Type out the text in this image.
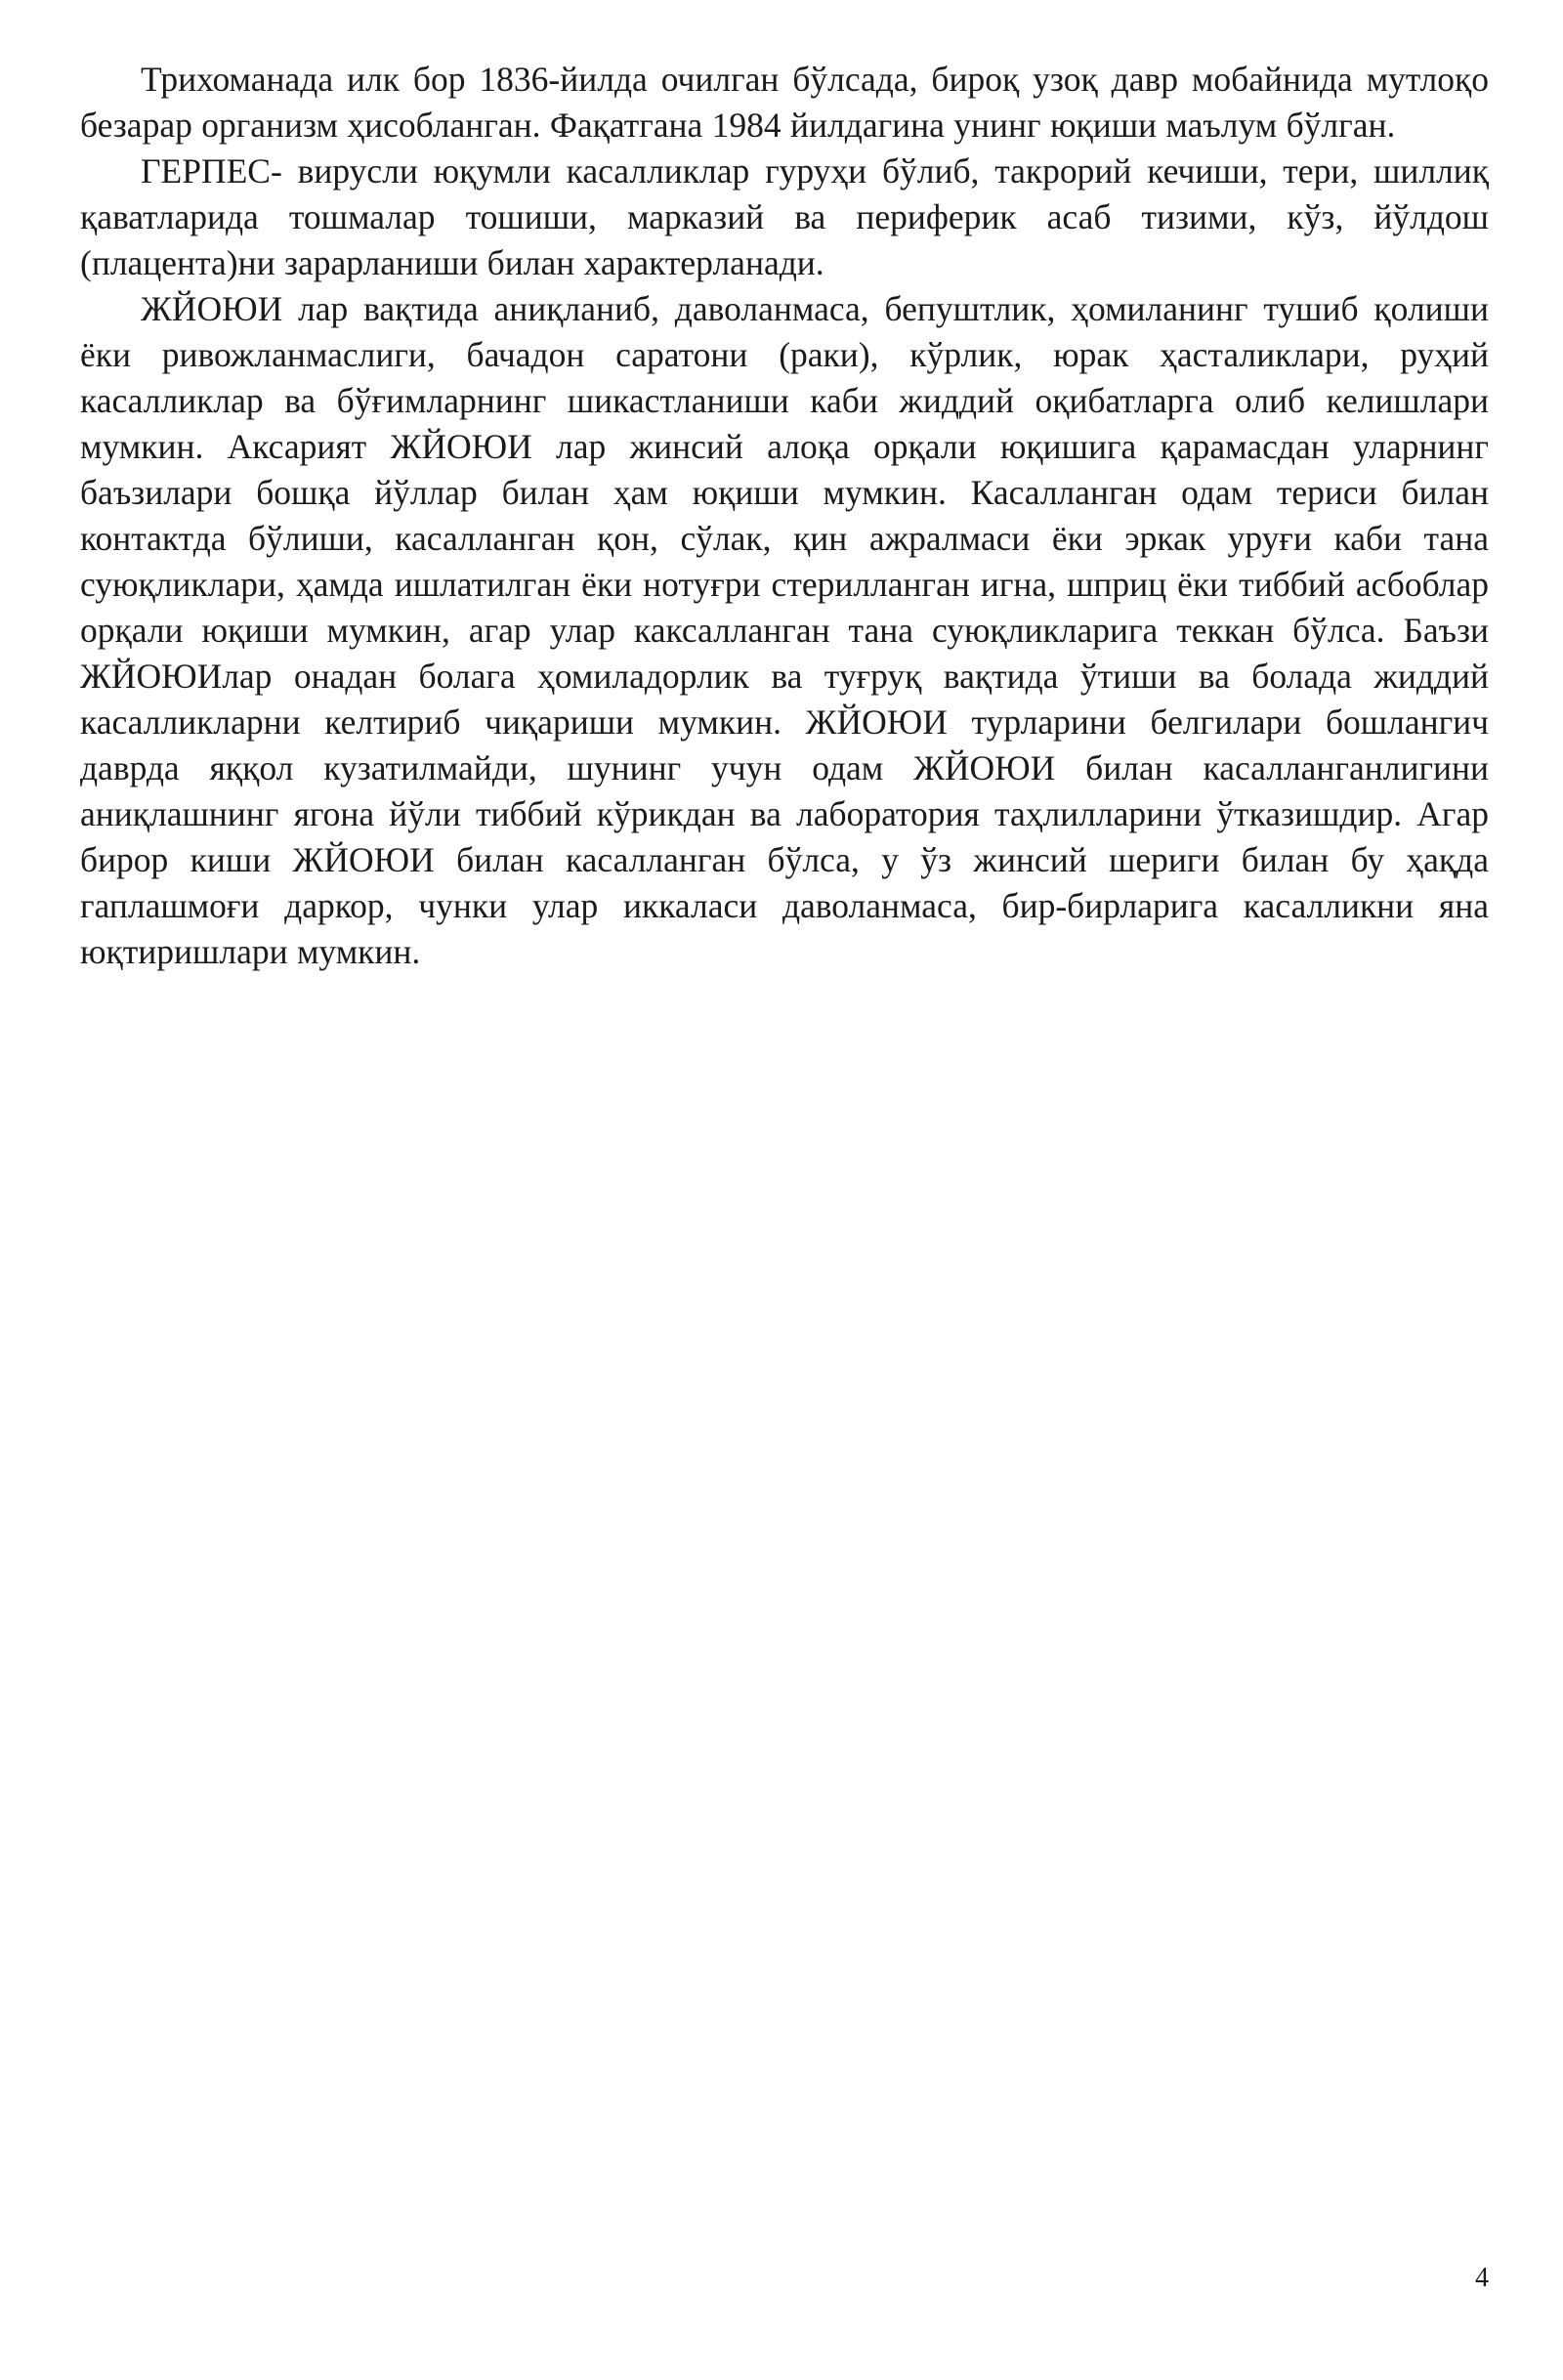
Трихоманада илк бор 1836-йилда очилган бўлсада, бироқ узоқ давр мобайнида мутлоқо безарар организм ҳисобланган. Фақатгана 1984 йилдагина унинг юқиши маълум бўлган.

ГЕРПЕС- вирусли юқумли касалликлар гуруҳи бўлиб, такрорий кечиши, тери, шиллиқ қаватларида тошмалар тошиши, марказий ва периферик асаб тизими, кўз, йўлдош (плацента)ни зарарланиши билан характерланади.

ЖЙОЮИ лар вақтида аниқланиб, даволанмаса, бепуштлик, ҳомиланинг тушиб қолиши ёки ривожланмаслиги, бачадон саратони (раки), кўрлик, юрак ҳасталиклари, руҳий касалликлар ва бўғимларнинг шикастланиши каби жиддий оқибатларга олиб келишлари мумкин. Аксарият ЖЙОЮИ лар жинсий алоқа орқали юқишига қарамасдан уларнинг баъзилари бошқа йўллар билан ҳам юқиши мумкин. Касалланган одам териси билан контактда бўлиши, касалланган қон, сўлак, қин ажралмаси ёки эркак уруғи каби тана суюқликлари, ҳамда ишлатилган ёки нотуғри стерилланган игна, шприц ёки тиббий асбоблар орқали юқиши мумкин, агар улар каксалланган тана суюқликларига теккан бўлса. Баъзи ЖЙОЮИлар онадан болага ҳомиладорлик ва туғруқ вақтида ўтиши ва болада жиддий касалликларни келтириб чиқариши мумкин. ЖЙОЮИ турларини белгилари бошлангич даврда яққол кузатилмайди, шунинг учун одам ЖЙОЮИ билан касалланганлигини аниқлашнинг ягона йўли тиббий кўрикдан ва лаборатория таҳлилларини ўтказишдир. Агар бирор киши ЖЙОЮИ билан касалланган бўлса, у ўз жинсий шериги билан бу ҳақда гаплашмоғи даркор, чунки улар иккаласи даволанмаса, бир-бирларига касалликни яна юқтиришлари мумкин.

4
